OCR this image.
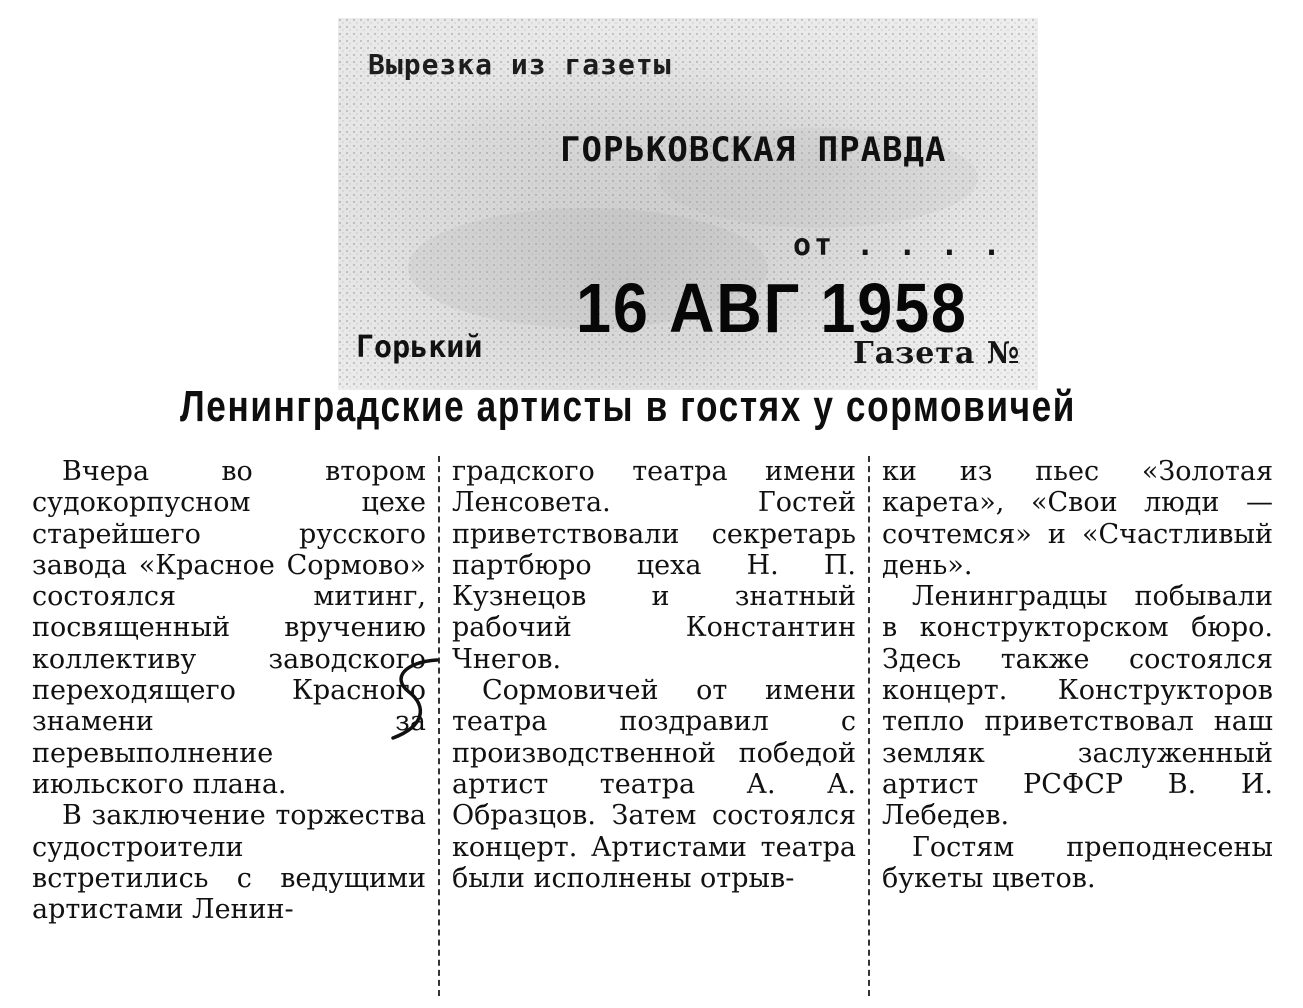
Вырезка из газеты
ГОРЬКОВСКАЯ ПРАВДА
от . . . .
16 АВГ 1958
Горький	Газета №
Ленинградские артисты в гостях у сормовичей

Вчера во втором судокорпусном цехе старейшего русского завода «Красное Сормово» состоялся митинг, посвященный вручению коллективу заводского переходящего Красного знамени за перевыполнение июльского плана.

В заключение торжества судостроители встретились с ведущими артистами Ленин-

градского театра имени Ленсовета. Гостей приветствовали секретарь партбюро цеха Н. П. Кузнецов и знатный рабочий Константин Чнегов.

Сормовичей от имени театра поздравил с производственной победой артист театра А. А. Образцов. Затем состоялся концерт. Артистами театра были исполнены отрыв-

ки из пьес «Золотая карета», «Свои люди — сочтемся» и «Счастливый день».

Ленинградцы побывали в конструкторском бюро. Здесь также состоялся концерт. Конструкторов тепло приветствовал наш земляк заслуженный артист РСФСР В. И. Лебедев.

Гостям преподнесены букеты цветов.
